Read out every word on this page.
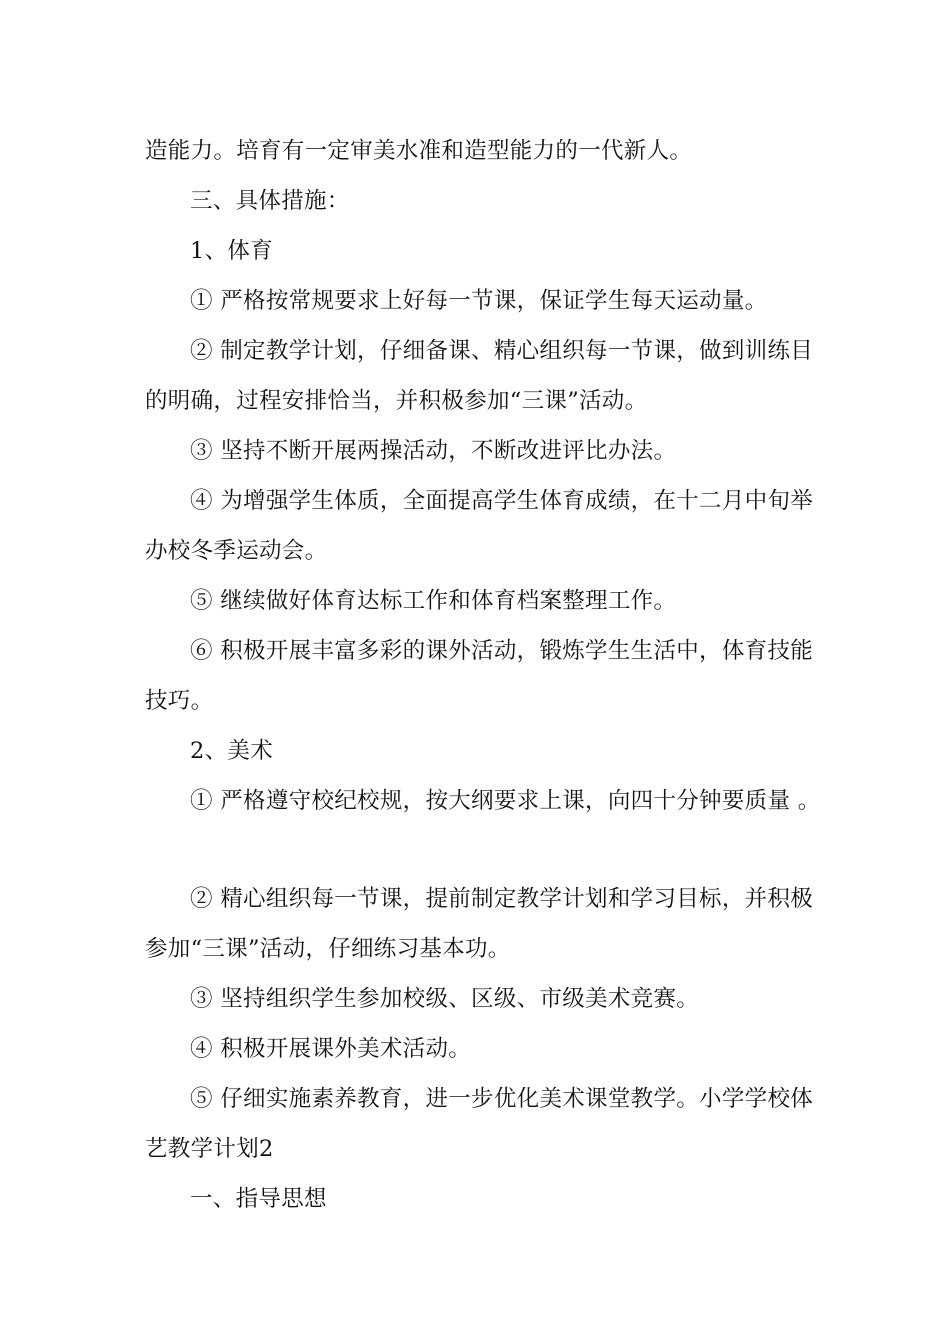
造能力。培育有一定审美水准和造型能力的一代新人。
三、具体措施：
1、体育
① 严格按常规要求上好每一节课，保证学生每天运动量。
② 制定教学计划，仔细备课、精心组织每一节课，做到训练目
的明确，过程安排恰当，并积极参加“三课”活动。
③ 坚持不断开展两操活动，不断改进评比办法。
④ 为增强学生体质，全面提高学生体育成绩，在十二月中旬举
办校冬季运动会。
⑤ 继续做好体育达标工作和体育档案整理工作。
⑥ 积极开展丰富多彩的课外活动，锻炼学生生活中，体育技能
技巧。
2、美术
① 严格遵守校纪校规，按大纲要求上课，向四十分钟要质量 。
② 精心组织每一节课，提前制定教学计划和学习目标，并积极
参加“三课”活动，仔细练习基本功。
③ 坚持组织学生参加校级、区级、市级美术竞赛。
④ 积极开展课外美术活动。
⑤ 仔细实施素养教育，进一步优化美术课堂教学。小学学校体
艺教学计划2
一、指导思想
